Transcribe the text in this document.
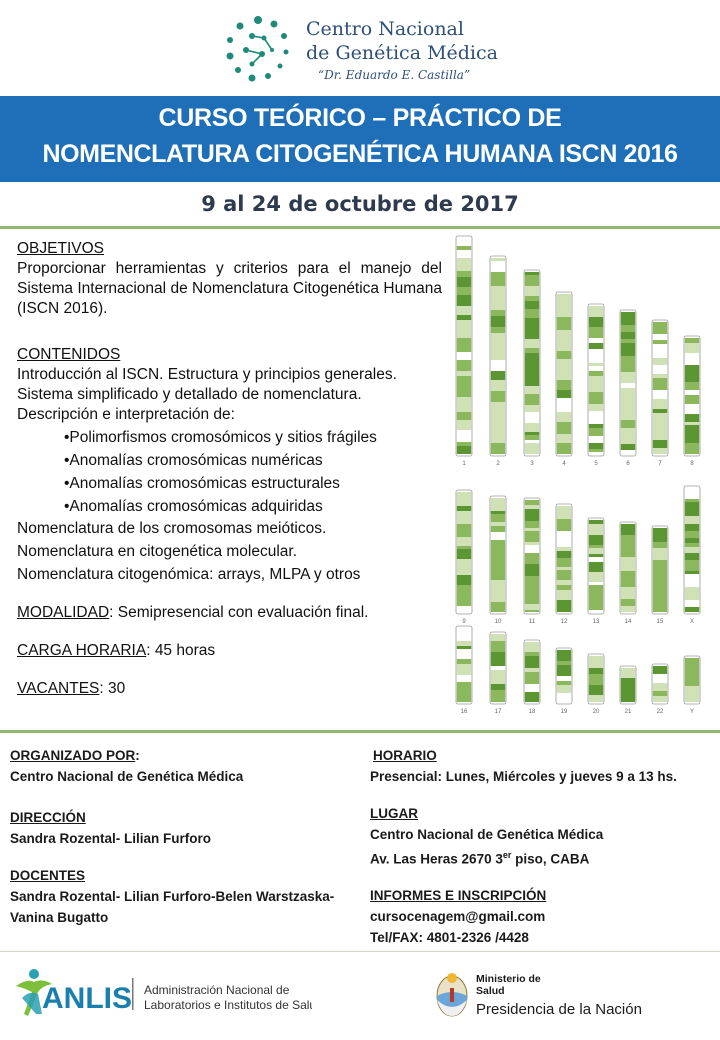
Centro Nacional
de Genética Médica
“Dr. Eduardo E. Castilla”
CURSO TEÓRICO – PRÁCTICO DE
NOMENCLATURA CITOGENÉTICA HUMANA ISCN 2016
9 al 24 de octubre de 2017
OBJETIVOS
Proporcionar herramientas y criterios para el manejo del Sistema Internacional de Nomenclatura Citogenética Humana (ISCN 2016).
CONTENIDOS
Introducción al ISCN. Estructura y principios generales.
Sistema simplificado y detallado de nomenclatura.
Descripción e interpretación de:
•Polimorfismos cromosómicos y sitios frágiles
•Anomalías cromosómicas numéricas
•Anomalías cromosómicas estructurales
•Anomalías cromosómicas adquiridas
Nomenclatura de los cromosomas meióticos.
Nomenclatura en citogenética molecular.
Nomenclatura citogenómica: arrays, MLPA y otros
MODALIDAD: Semipresencial con evaluación final.
CARGA HORARIA: 45 horas
VACANTES: 30
1	2	3	4	5	6	7	8
9	10	11	12	13	14	15	X
16	17	18	19	20	21	22	Y
ORGANIZADO POR:
Centro Nacional de Genética Médica
DIRECCIÓN
Sandra Rozental- Lilian Furforo
DOCENTES
Sandra Rozental- Lilian Furforo-Belen Warstzaska-
Vanina Bugatto
HORARIO
Presencial: Lunes, Miércoles y jueves 9 a 13 hs.
LUGAR
Centro Nacional de Genética Médica
Av. Las Heras 2670 3er piso, CABA
INFORMES E INSCRIPCIÓN
cursocenagem@gmail.com
Tel/FAX: 4801-2326 /4428
ANLIS Administración Nacional de
Laboratorios e Institutos de Salud
Ministerio de
Salud
Presidencia de la Nación
